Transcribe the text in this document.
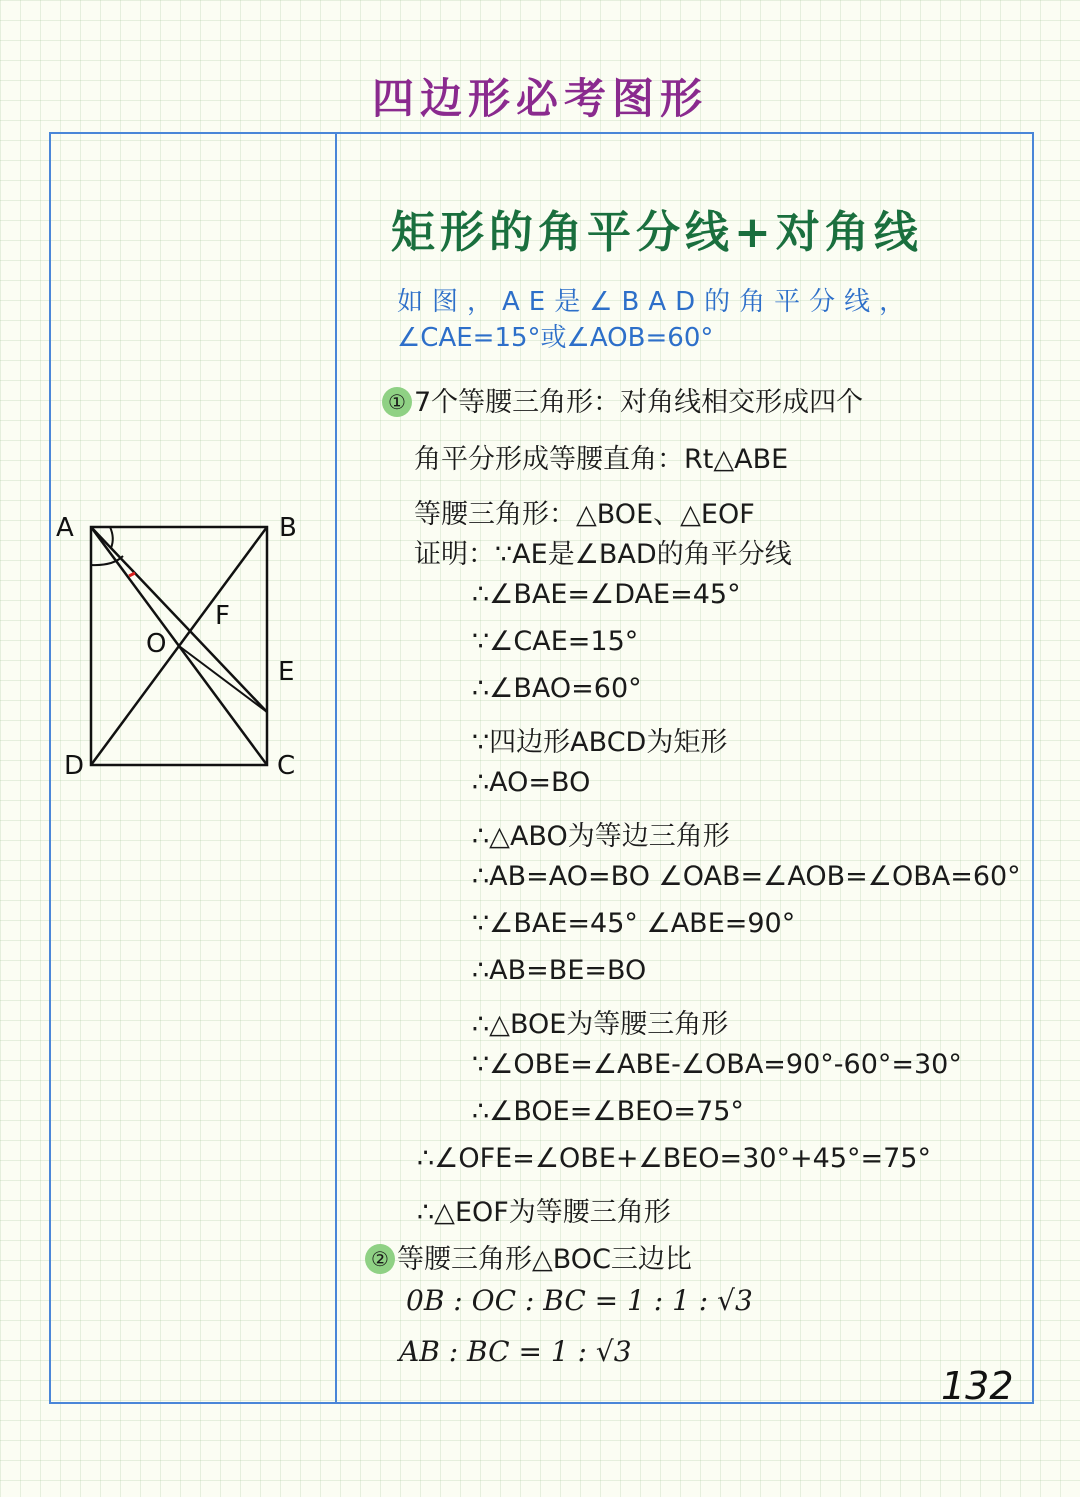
四边形必考图形
A	B
C
D
E
F
O
矩形的角平分线+对角线
如图，AE是∠BAD的角平分线，
∠CAE=15°或∠AOB=60°
① 7个等腰三角形：对角线相交形成四个
角平分形成等腰直角：Rt△ABE
等腰三角形：△BOE、△EOF
证明：∵AE是∠BAD的角平分线
∴∠BAE=∠DAE=45°
∵∠CAE=15°
∴∠BAO=60°
∵四边形ABCD为矩形
∴AO=BO
∴△ABO为等边三角形
∴AB=AO=BO ∠OAB=∠AOB=∠OBA=60°
∵∠BAE=45° ∠ABE=90°
∴AB=BE=BO
∴△BOE为等腰三角形
∵∠OBE=∠ABE-∠OBA=90°-60°=30°
∴∠BOE=∠BEO=75°
∴∠OFE=∠OBE+∠BEO=30°+45°=75°
∴△EOF为等腰三角形
② 等腰三角形△BOC三边比
0B : OC : BC = 1 : 1 : √3
AB : BC = 1 : √3
132
